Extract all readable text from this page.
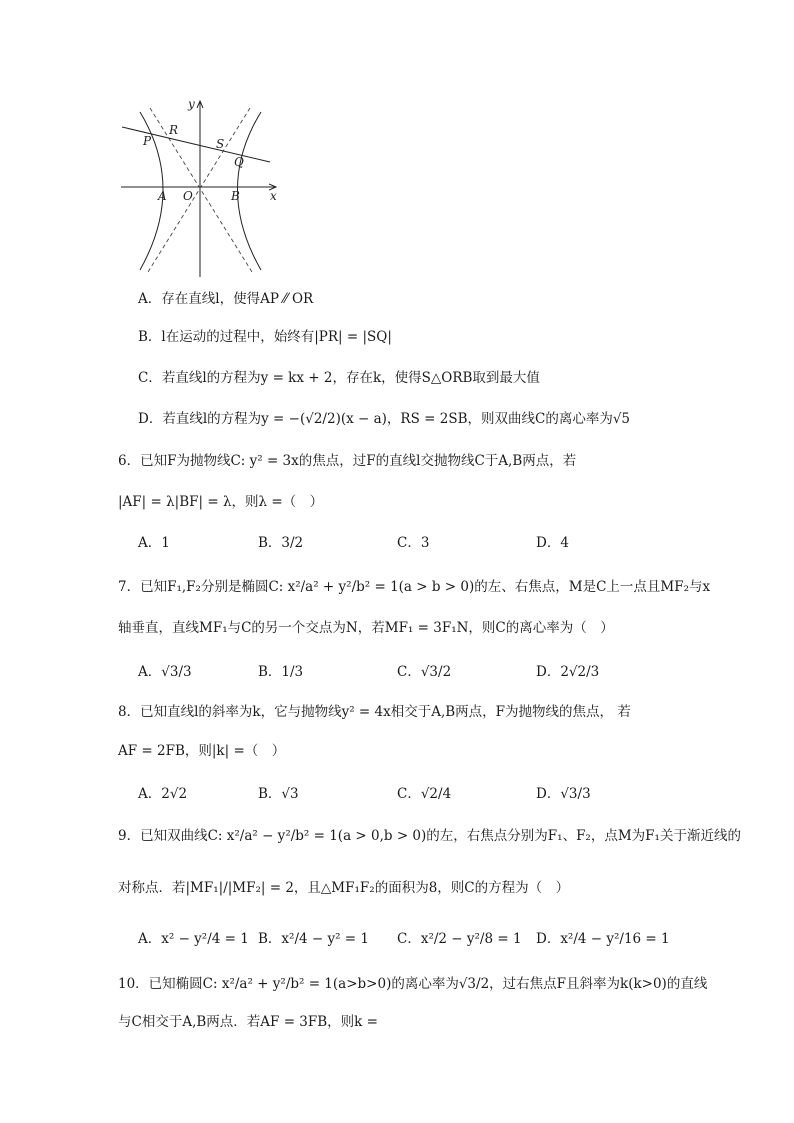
y
x
R
P	S
Q
A O	B
A．存在直线l，使得AP ⁄⁄ OR
B．l在运动的过程中，始终有|PR| = |SQ|
C．若直线l的方程为y = kx + 2，存在k，使得S△ORB取到最大值
D．若直线l的方程为y = −(√2/2)(x − a)，RS = 2SB，则双曲线C的离心率为√5
6．已知F为抛物线C: y² = 3x的焦点，过F的直线l交抛物线C于A,B两点，若
|AF| = λ|BF| = λ，则λ =（　）
A．1	B．3/2	C．3	D．4
7．已知F₁,F₂分别是椭圆C: x²/a² + y²/b² = 1(a > b > 0)的左、右焦点，M是C上一点且MF₂与x
轴垂直，直线MF₁与C的另一个交点为N，若MF₁ = 3F₁N，则C的离心率为（　）
A．√3/3	B．1/3	C．√3/2	D．2√2/3
8．已知直线l的斜率为k，它与抛物线y² = 4x相交于A,B两点，F为抛物线的焦点， 若
AF = 2FB，则|k| =（　）
A．2√2	B．√3	C．√2/4	D．√3/3
9．已知双曲线C: x²/a² − y²/b² = 1(a > 0,b > 0)的左，右焦点分别为F₁、F₂，点M为F₁关于渐近线的
对称点．若|MF₁|/|MF₂| = 2，且△MF₁F₂的面积为8，则C的方程为（　）
A．x² − y²/4 = 1 B．x²/4 − y² = 1 C．x²/2 − y²/8 = 1 D．x²/4 − y²/16 = 1
10．已知椭圆C: x²/a² + y²/b² = 1(a>b>0)的离心率为√3/2，过右焦点F且斜率为k(k>0)的直线
与C相交于A,B两点．若AF = 3FB，则k =
